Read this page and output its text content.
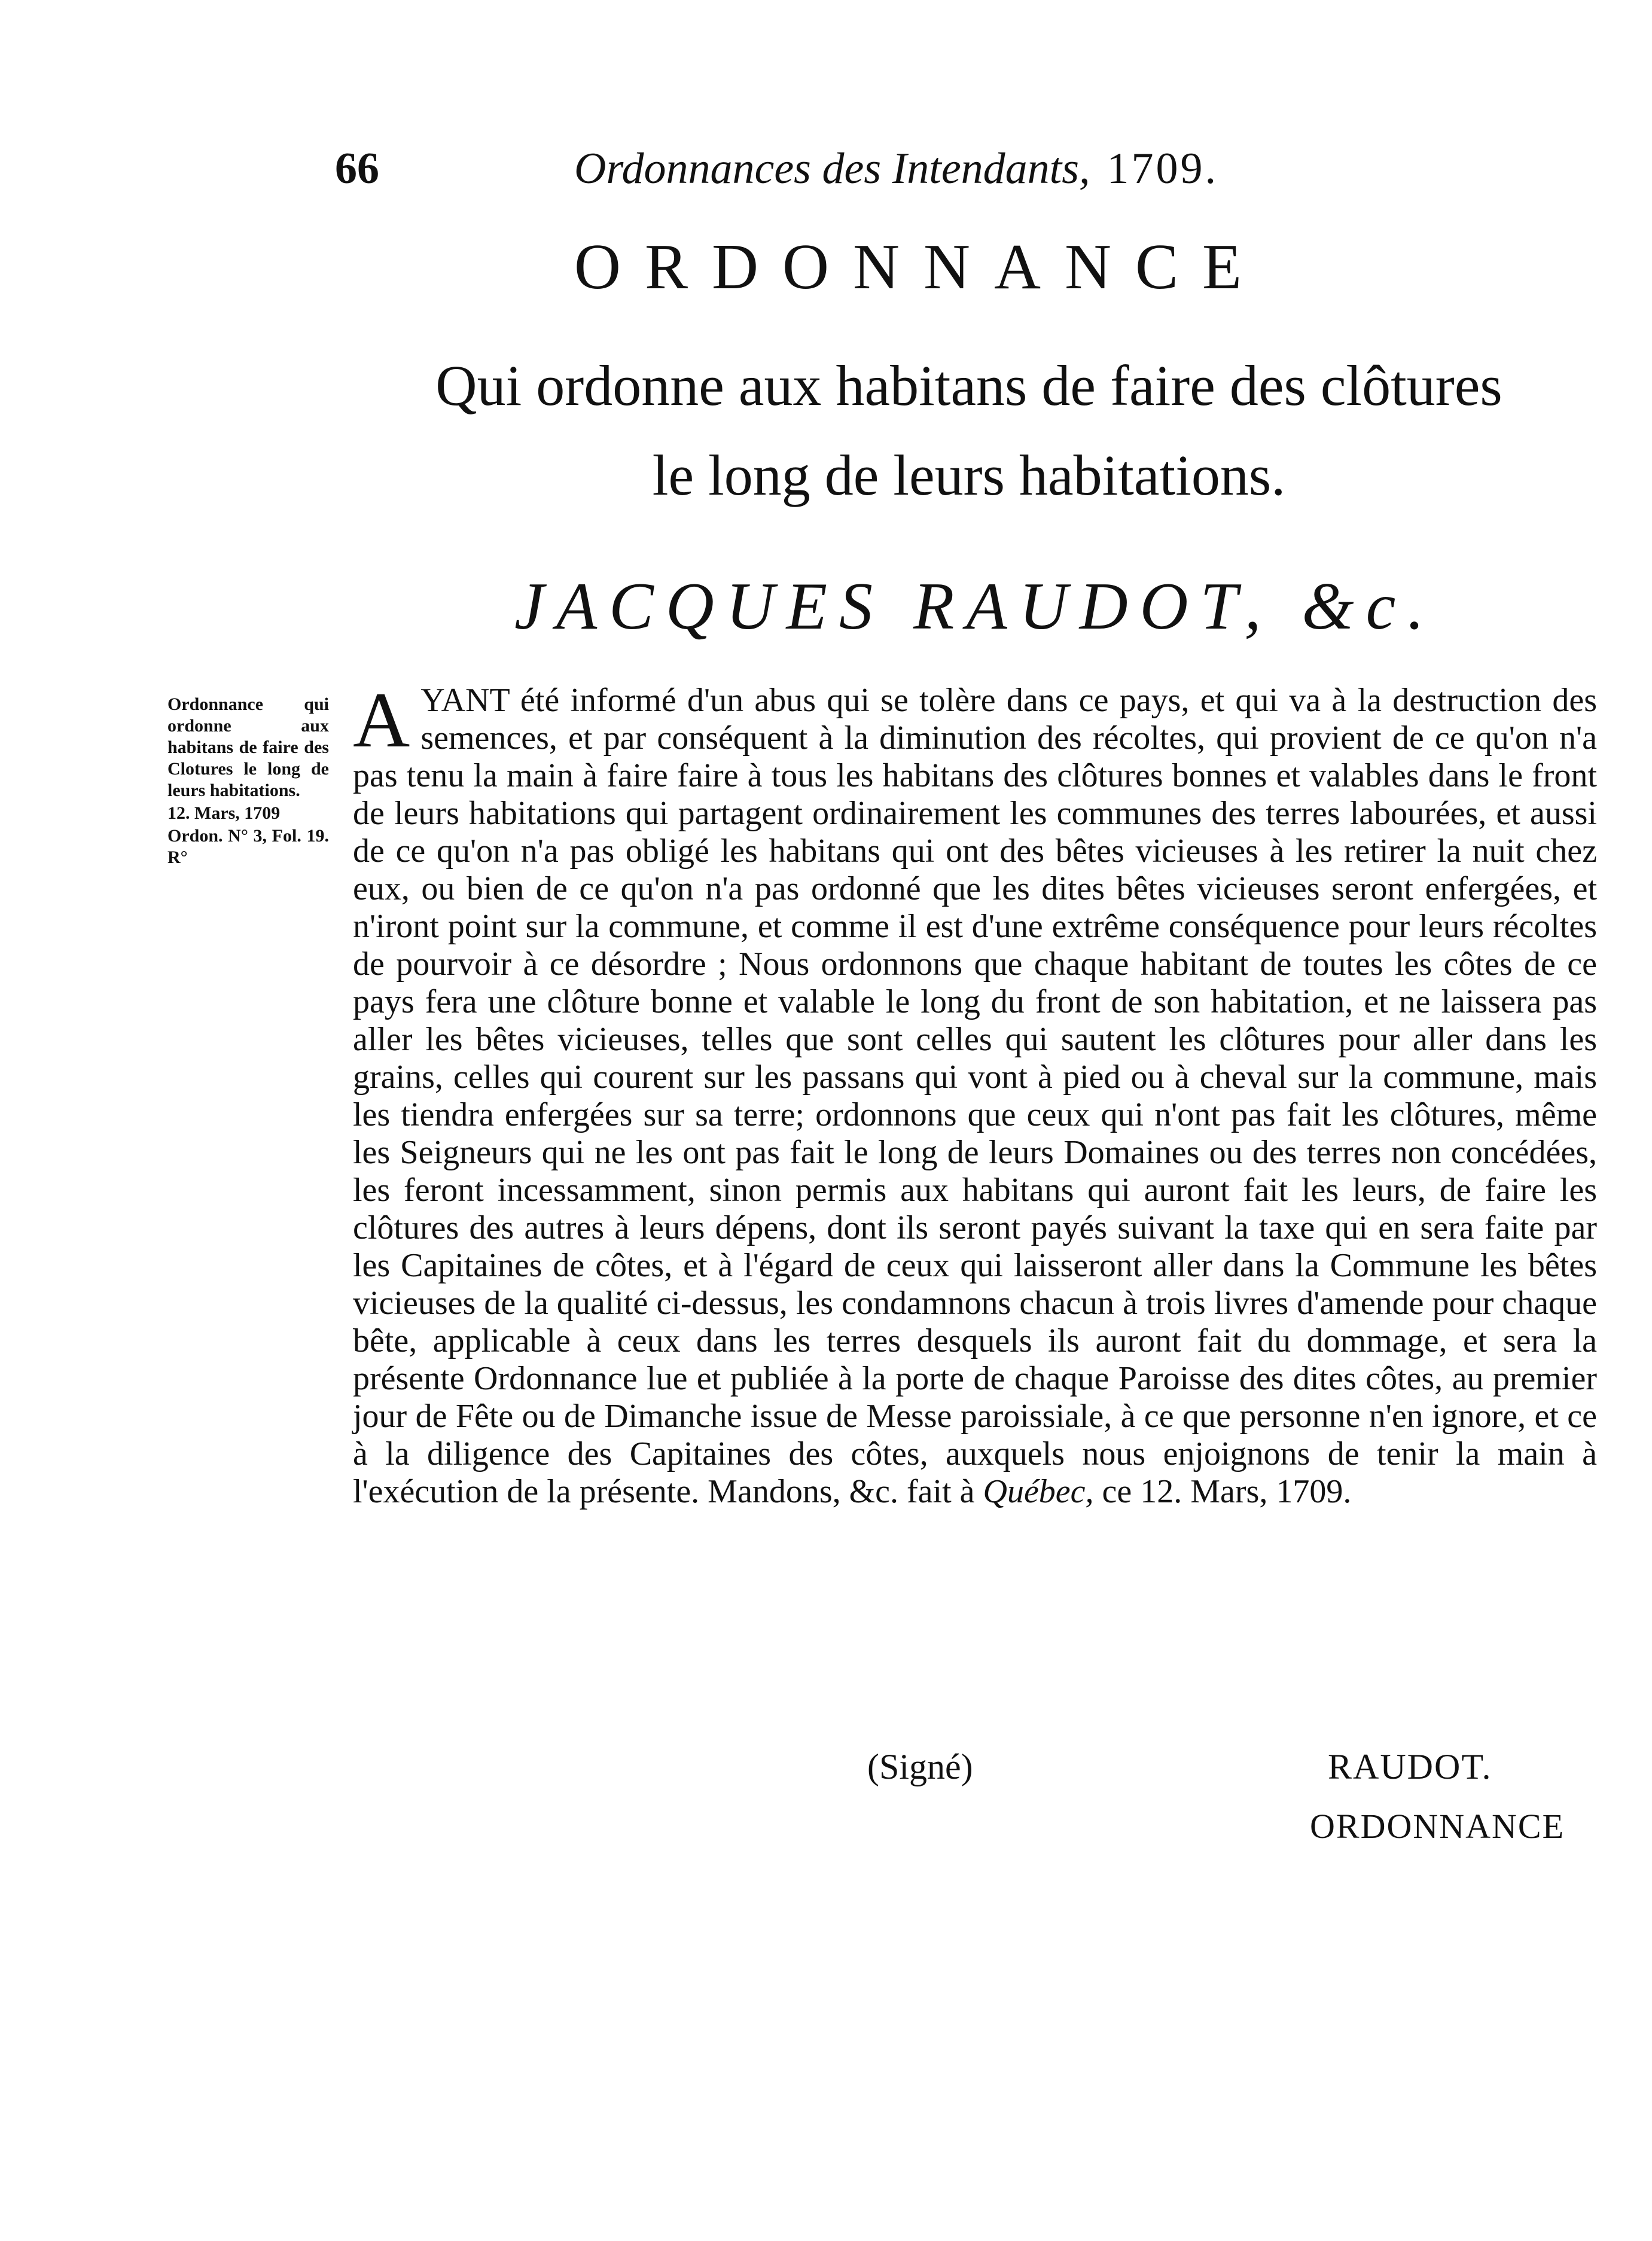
66	Ordonnances des Intendants, 1709.
ORDONNANCE
Qui ordonne aux habitans de faire des clôtures
le long de leurs habitations.
JACQUES RAUDOT, &c.
Ordonnance qui ordonne aux habitans de faire des Clotures le long de leurs habitations.
12. Mars, 1709
Ordon. N° 3, Fol. 19. R°
AYANT été informé d'un abus qui se tolère dans ce pays, et qui va à la destruction des semences, et par conséquent à la diminution des récoltes, qui provient de ce qu'on n'a pas tenu la main à faire faire à tous les habitans des clôtures bonnes et valables dans le front de leurs habitations qui partagent ordinairement les communes des terres labourées, et aussi de ce qu'on n'a pas obligé les habitans qui ont des bêtes vicieuses à les retirer la nuit chez eux, ou bien de ce qu'on n'a pas ordonné que les dites bêtes vicieuses seront enfergées, et n'iront point sur la commune, et comme il est d'une extrême conséquence pour leurs récoltes de pourvoir à ce désordre ; Nous ordonnons que chaque habitant de toutes les côtes de ce pays fera une clôture bonne et valable le long du front de son habitation, et ne laissera pas aller les bêtes vicieuses, telles que sont celles qui sautent les clôtures pour aller dans les grains, celles qui courent sur les passans qui vont à pied ou à cheval sur la commune, mais les tiendra enfergées sur sa terre; ordonnons que ceux qui n'ont pas fait les clôtures, même les Seigneurs qui ne les ont pas fait le long de leurs Domaines ou des terres non concédées, les feront incessamment, sinon permis aux habitans qui auront fait les leurs, de faire les clôtures des autres à leurs dépens, dont ils seront payés suivant la taxe qui en sera faite par les Capitaines de côtes, et à l'égard de ceux qui laisseront aller dans la Commune les bêtes vicieuses de la qualité ci-dessus, les condamnons chacun à trois livres d'amende pour chaque bête, applicable à ceux dans les terres desquels ils auront fait du dommage, et sera la présente Ordonnance lue et publiée à la porte de chaque Paroisse des dites côtes, au premier jour de Fête ou de Dimanche issue de Messe paroissiale, à ce que personne n'en ignore, et ce à la diligence des Capitaines des côtes, auxquels nous enjoignons de tenir la main à l'exécution de la présente. Mandons, &c. fait à Québec, ce 12. Mars, 1709.
(Signé)	RAUDOT.
ORDONNANCE
